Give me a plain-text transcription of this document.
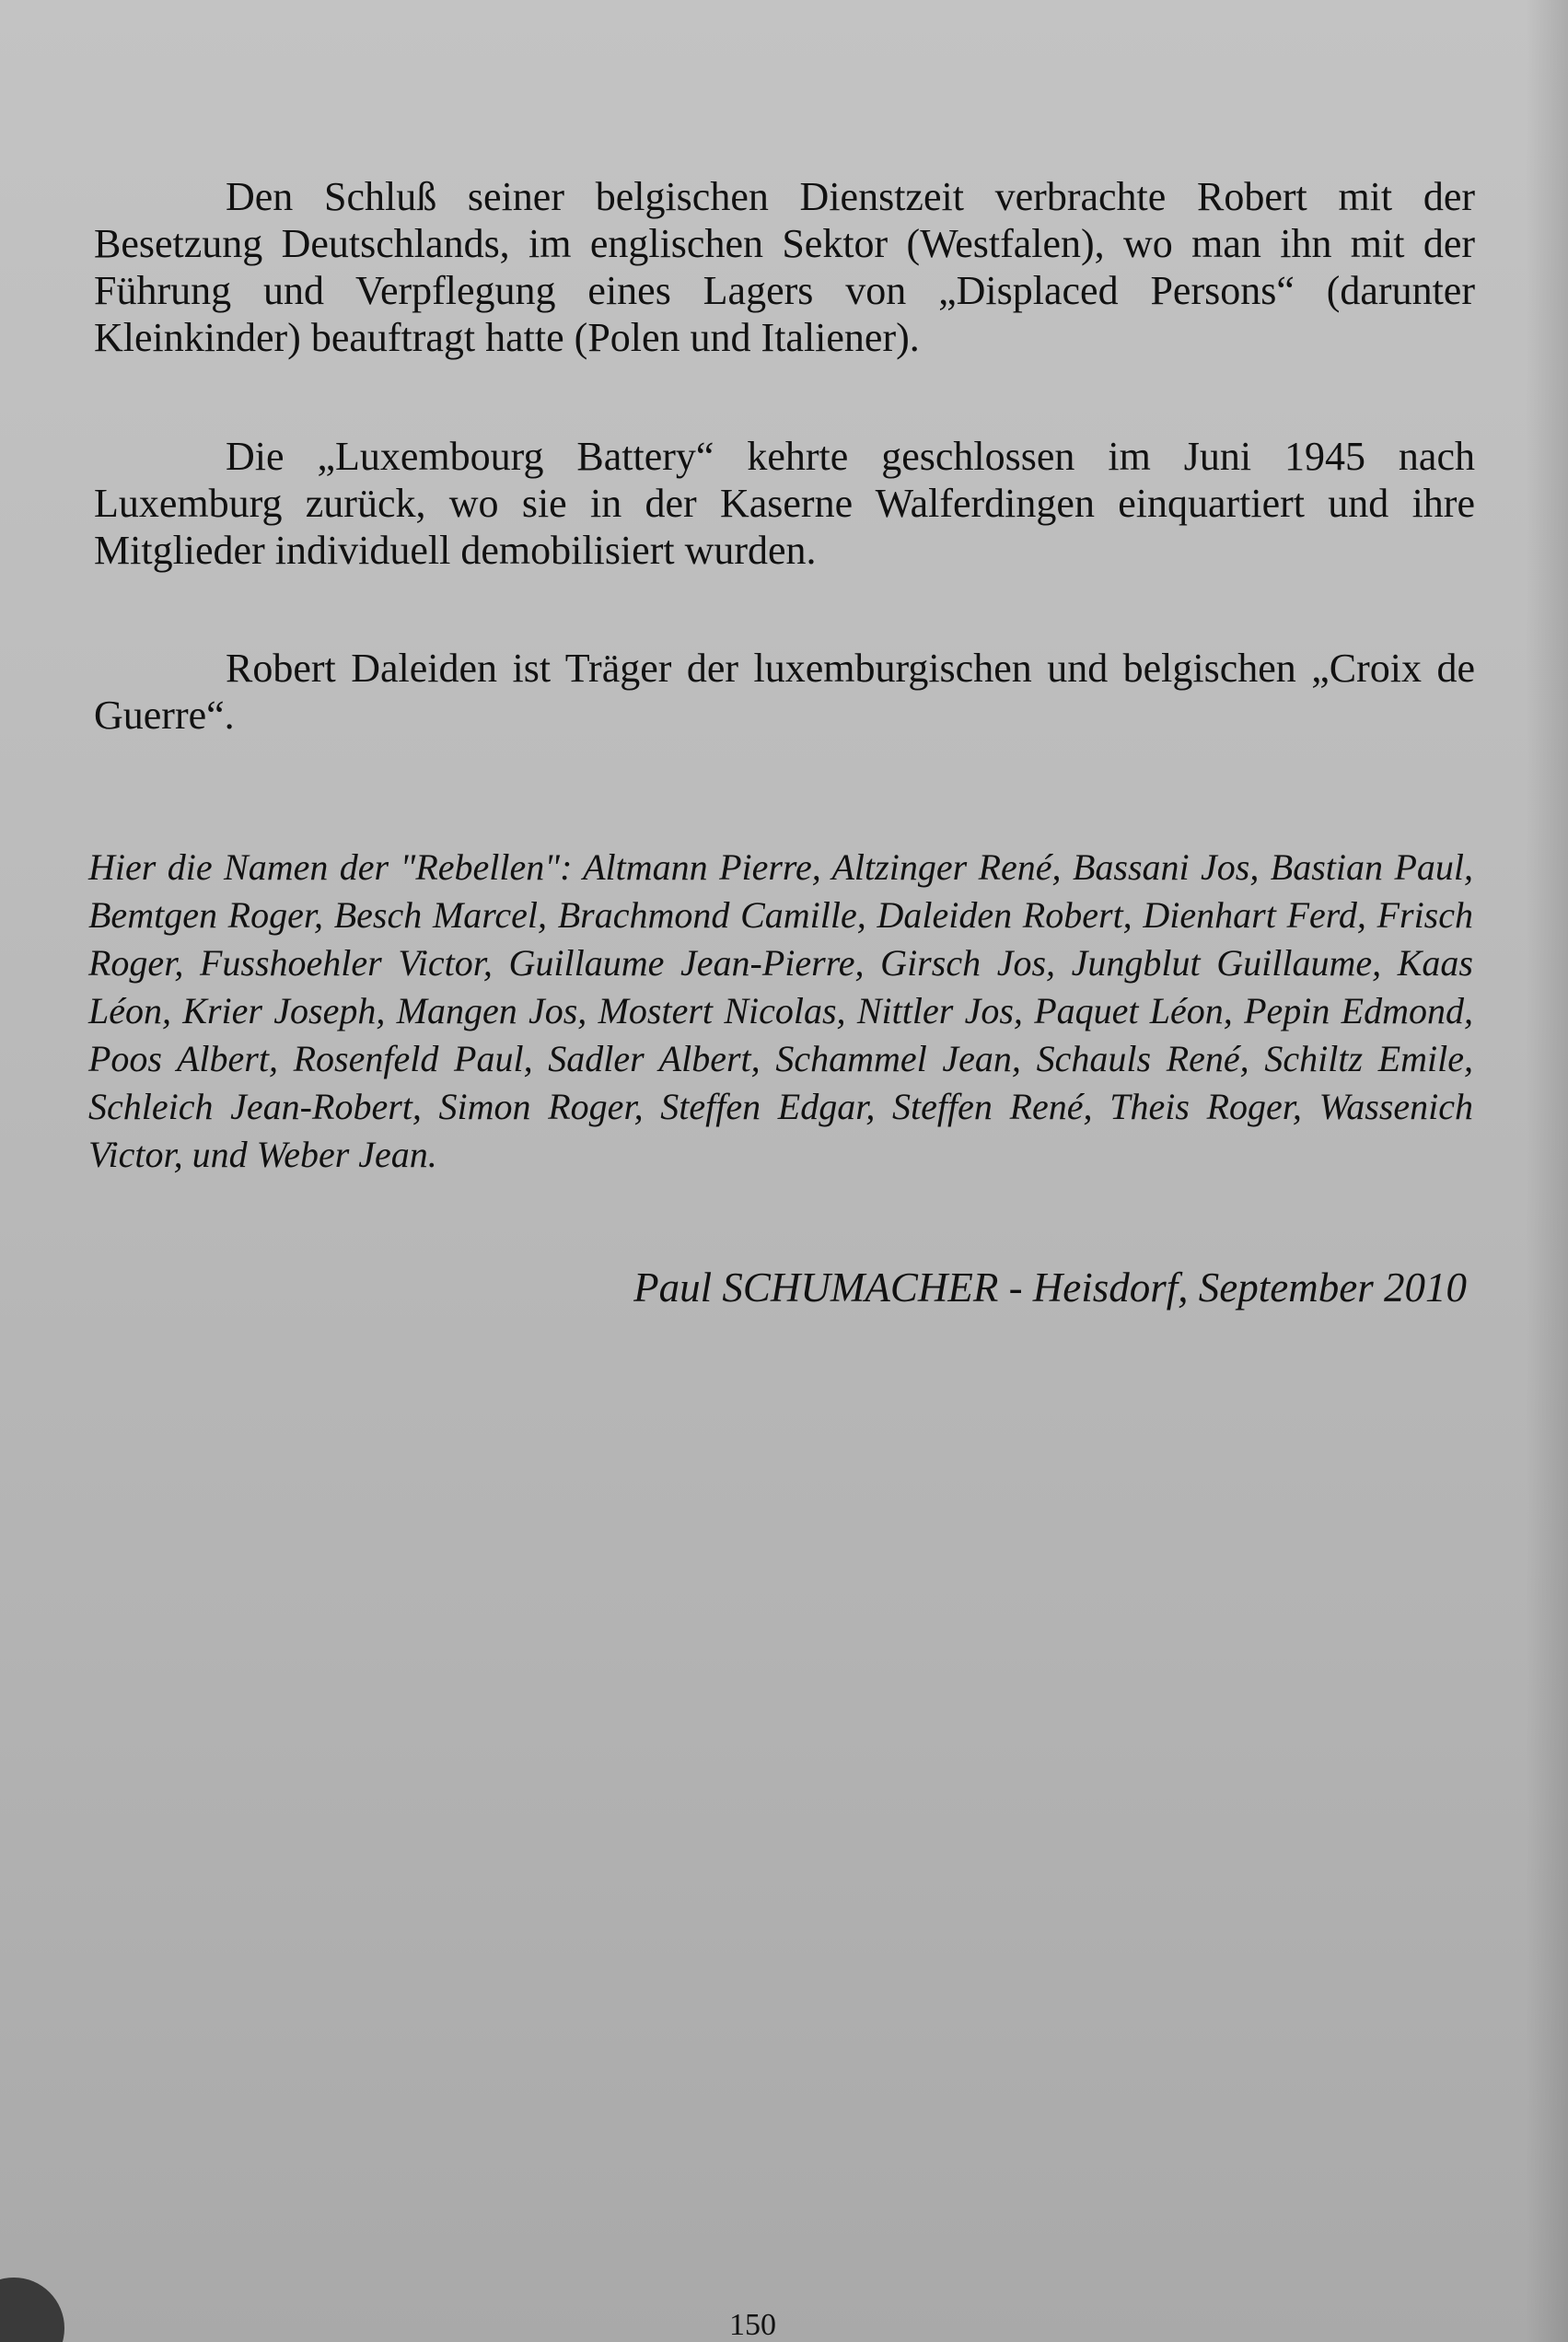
Den Schluß seiner belgischen Dienstzeit verbrachte Robert mit der Besetzung Deutschlands, im englischen Sektor (Westfalen), wo man ihn mit der Führung und Verpflegung eines Lagers von „Displaced Persons“ (darunter Kleinkinder) beauftragt hatte (Polen und Italiener).

Die „Luxembourg Battery“ kehrte geschlossen im Juni 1945 nach Luxemburg zurück, wo sie in der Kaserne Walferdingen einquartiert und ihre Mitglieder individuell demobilisiert wurden.

Robert Daleiden ist Träger der luxemburgischen und belgischen „Croix de Guerre“.

Hier die Namen der "Rebellen": Altmann Pierre, Altzinger René, Bassani Jos, Bastian Paul, Bemtgen Roger, Besch Marcel, Brachmond Camille, Daleiden Robert, Dienhart Ferd, Frisch Roger, Fusshoehler Victor, Guillaume Jean-Pierre, Girsch Jos, Jungblut Guillaume, Kaas Léon, Krier Joseph, Mangen Jos, Mostert Nicolas, Nittler Jos, Paquet Léon, Pepin Edmond, Poos Albert, Rosenfeld Paul, Sadler Albert, Schammel Jean, Schauls René, Schiltz Emile, Schleich Jean-Robert, Simon Roger, Steffen Edgar, Steffen René, Theis Roger, Wassenich Victor, und Weber Jean.

Paul SCHUMACHER - Heisdorf, September 2010
150
